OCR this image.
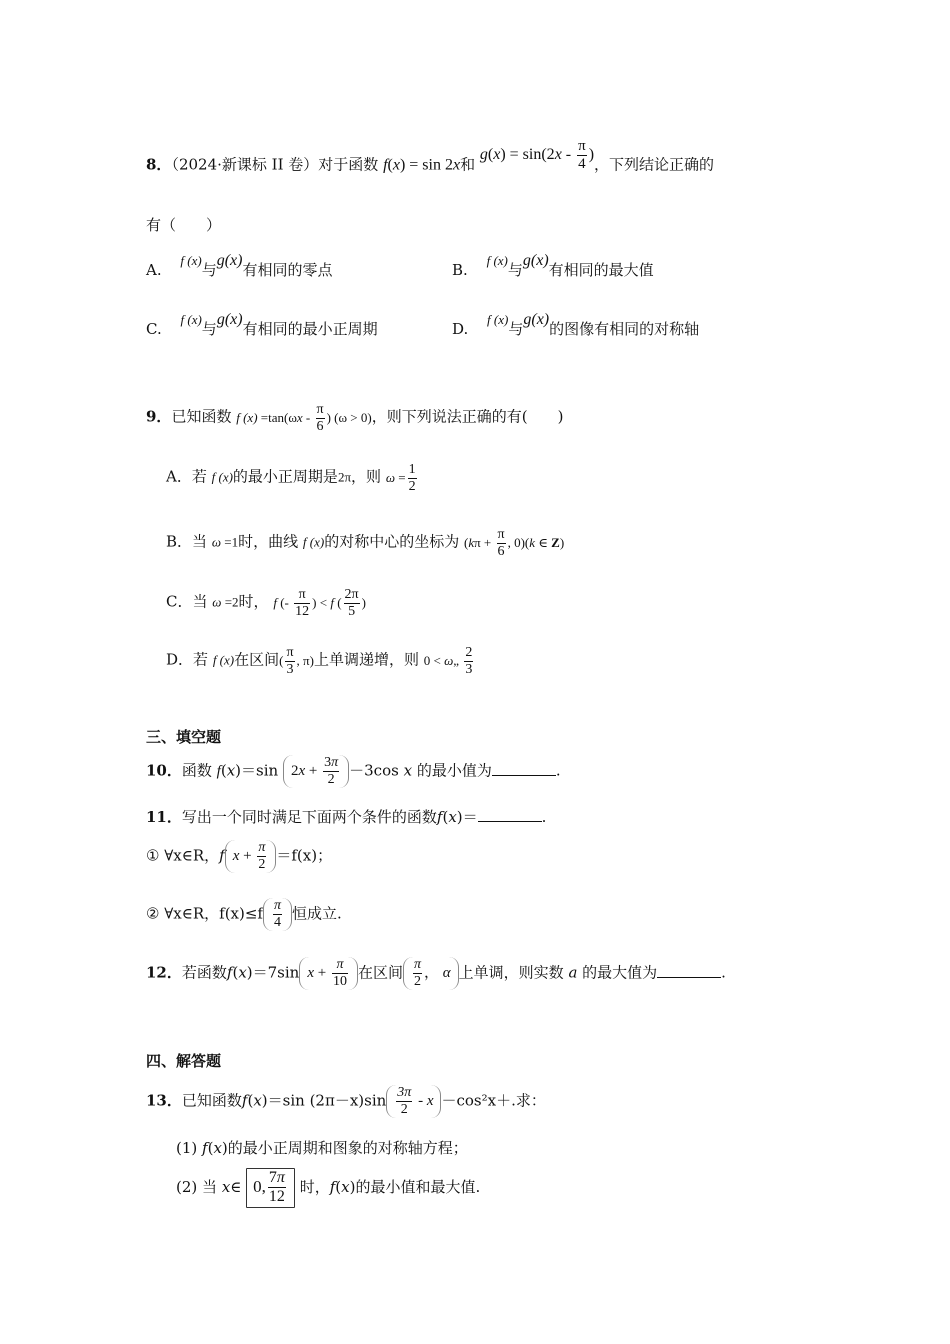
8．（2024·新课标 II 卷）对于函数 f(x) = sin 2x和 $g(x) = \sin(2x - \frac{\pi}{4}$ )，下列结论正确的
有（　　）
A. f (x)与g(x)有相同的零点	B. f (x)与g(x)有相同的最大值
C. f (x)与g(x)有相同的最小正周期	D. f (x)与g(x)的图像有相同的对称轴
9．已知函数 f $(x) =\tan(\omega x - \frac{\pi}{6}$ ) (ω > 0)，则下列说法正确的有(　　)
A．若 f (x)的最小正周期是2π，则 $\omega = \frac{1}{2}$
B．当 ω =1时，曲线 f (x)的对称中心的坐标为 ($k\pi + \frac{\pi}{6}$ , 0)(k ∈ Z)
C．当 ω =2时， f (- $\frac{\pi}{12}$ ) < f ( $\frac{2\pi}{5}$ )
D．若 f (x)在区间( $\frac{\pi}{3}$ , π)上单调递增，则 0 < ω„ $\frac{2}{3}$
三、填空题
10．函数 f(x)＝sin $2x + \frac{3\pi}{2} -3\cos$ x 的最小值为	.
11．写出一个同时满足下面两个条件的函数f(x)＝	.
① ∀x∈R，f $x + \frac{\pi}{2} =f(x)$；
② ∀x∈R，$f(x)\le f \frac{\pi}{4}$ 恒成立.
12．若函数f(x)＝7sin $x + \frac{\pi}{10}$ 在区间 $\frac{\pi}{2}$ ， α 上单调，则实数 a 的最大值为	.
四、解答题
13．已知函数f(x)＝sin $(2\pi-x)\sin \frac{3\pi}{2} - x -\cos^2x+$.求：
(1) f(x)的最小正周期和图象的对称轴方程；
(2) 当 x∈ 0, $\frac{7\pi}{12}$ 时，f(x)的最小值和最大值.
